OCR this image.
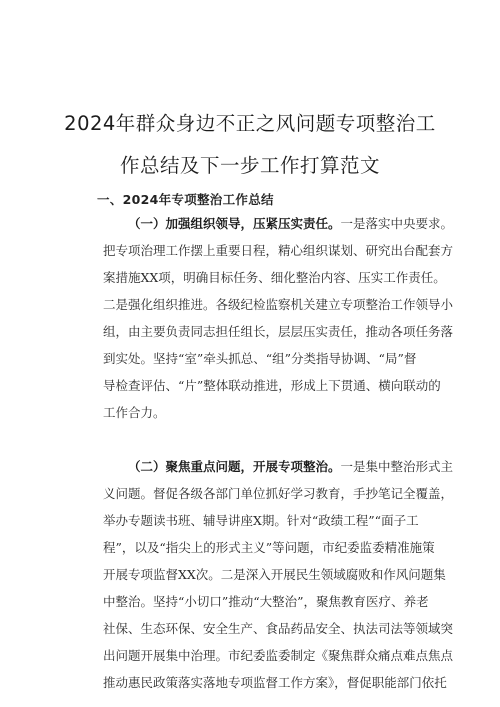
2024年群众身边不正之风问题专项整治工
作总结及下一步工作打算范文
一、2024年专项整治工作总结
（一）加强组织领导，压紧压实责任。一是落实中央要求。
把专项治理工作摆上重要日程，精心组织谋划、研究出台配套方
案措施XX项，明确目标任务、细化整治内容、压实工作责任。
二是强化组织推进。各级纪检监察机关建立专项整治工作领导小
组，由主要负责同志担任组长，层层压实责任，推动各项任务落
到实处。坚持“室”牵头抓总、“组”分类指导协调、“局”督
导检查评估、“片”整体联动推进，形成上下贯通、横向联动的
工作合力。
（二）聚焦重点问题，开展专项整治。一是集中整治形式主
义问题。督促各级各部门单位抓好学习教育，手抄笔记全覆盖，
举办专题读书班、辅导讲座X期。针对“政绩工程”“面子工
程”，以及“指尖上的形式主义”等问题，市纪委监委精准施策
开展专项监督XX次。二是深入开展民生领域腐败和作风问题集
中整治。坚持“小切口”推动“大整治”，聚焦教育医疗、养老
社保、生态环保、安全生产、食品药品安全、执法司法等领域突
出问题开展集中治理。市纪委监委制定《聚焦群众痛点难点焦点
推动惠民政策落实落地专项监督工作方案》，督促职能部门依托
